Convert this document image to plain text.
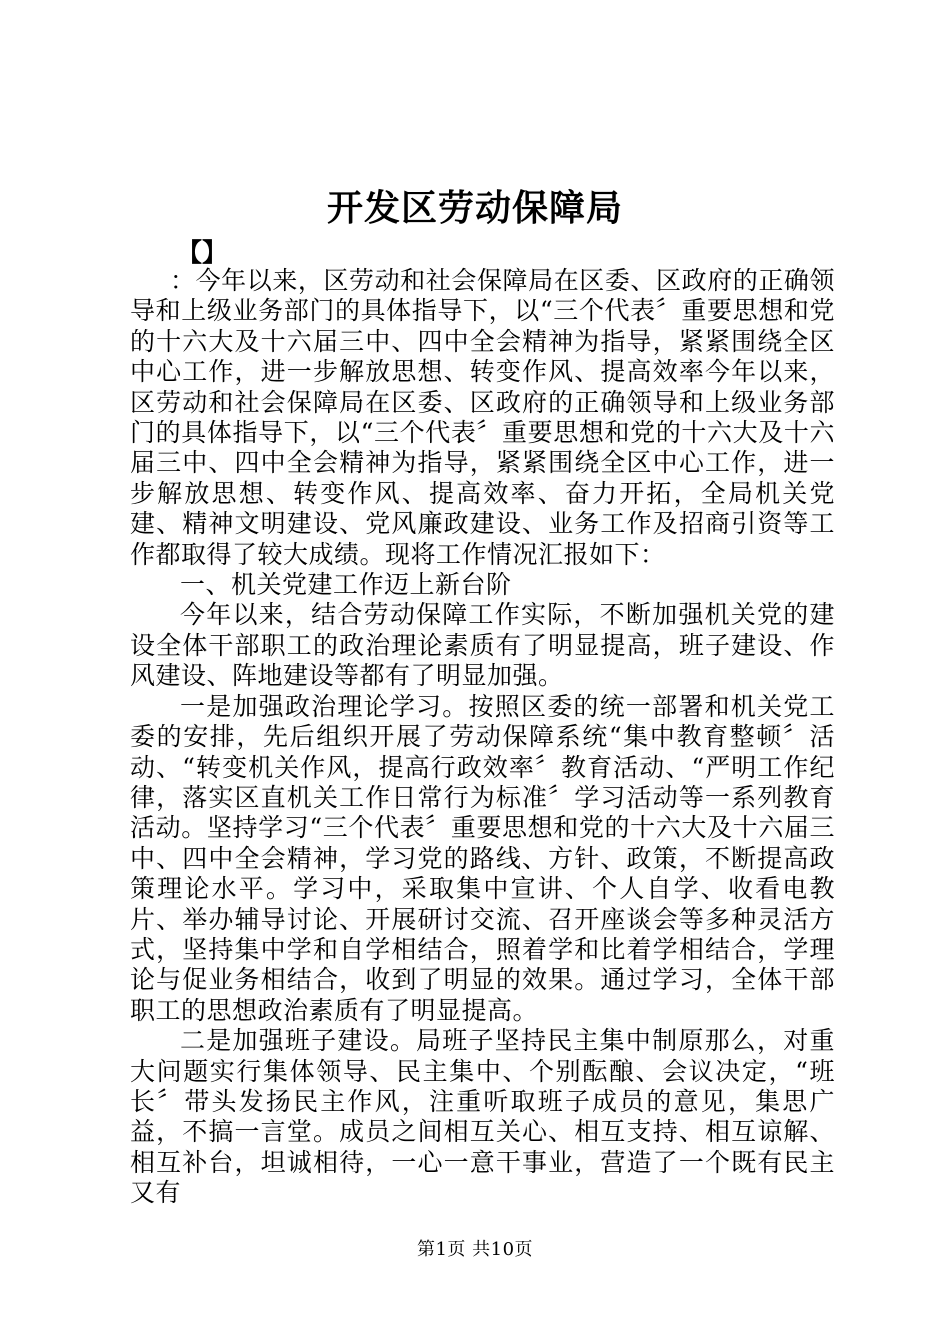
开发区劳动保障局
【】

：今年以来，区劳动和社会保障局在区委、区政府的正确领导和上级业务部门的具体指导下，以“三个代表〞重要思想和党的十六大及十六届三中、四中全会精神为指导，紧紧围绕全区中心工作，进一步解放思想、转变作风、提高效率今年以来，区劳动和社会保障局在区委、区政府的正确领导和上级业务部门的具体指导下，以“三个代表〞重要思想和党的十六大及十六届三中、四中全会精神为指导，紧紧围绕全区中心工作，进一步解放思想、转变作风、提高效率、奋力开拓，全局机关党建、精神文明建设、党风廉政建设、业务工作及招商引资等工作都取得了较大成绩。现将工作情况汇报如下：

一、机关党建工作迈上新台阶

今年以来，结合劳动保障工作实际，不断加强机关党的建设全体干部职工的政治理论素质有了明显提高，班子建设、作风建设、阵地建设等都有了明显加强。

一是加强政治理论学习。按照区委的统一部署和机关党工委的安排，先后组织开展了劳动保障系统“集中教育整顿〞活动、“转变机关作风，提高行政效率〞教育活动、“严明工作纪律，落实区直机关工作日常行为标准〞学习活动等一系列教育活动。坚持学习“三个代表〞重要思想和党的十六大及十六届三中、四中全会精神，学习党的路线、方针、政策，不断提高政策理论水平。学习中，采取集中宣讲、个人自学、收看电教片、举办辅导讨论、开展研讨交流、召开座谈会等多种灵活方式，坚持集中学和自学相结合，照着学和比着学相结合，学理论与促业务相结合，收到了明显的效果。通过学习，全体干部职工的思想政治素质有了明显提高。

二是加强班子建设。局班子坚持民主集中制原那么，对重大问题实行集体领导、民主集中、个别酝酿、会议决定，“班长〞带头发扬民主作风，注重听取班子成员的意见，集思广益，不搞一言堂。成员之间相互关心、相互支持、相互谅解、相互补台，坦诚相待，一心一意干事业，营造了一个既有民主又有

第1页 共10页
